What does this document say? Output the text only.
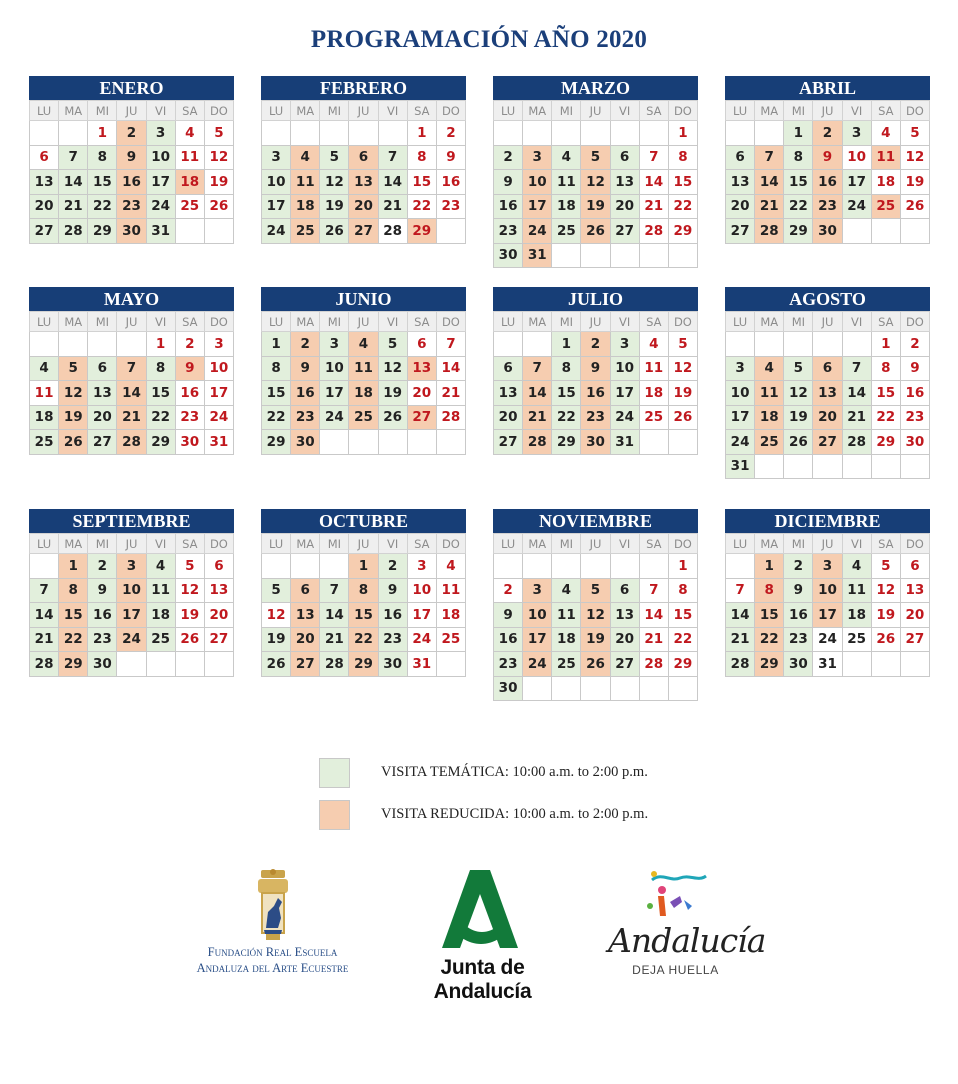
PROGRAMACIÓN AÑO 2020
ENERO
LU	MA	MI	JU	VI	SA	DO
		1	2	3	4	5
6	7	8	9	10	11	12
13	14	15	16	17	18	19
20	21	22	23	24	25	26
27	28	29	30	31		
FEBRERO
LU	MA	MI	JU	VI	SA	DO
					1	2
3	4	5	6	7	8	9
10	11	12	13	14	15	16
17	18	19	20	21	22	23
24	25	26	27	28	29	
MARZO
LU	MA	MI	JU	VI	SA	DO
						1
2	3	4	5	6	7	8
9	10	11	12	13	14	15
16	17	18	19	20	21	22
23	24	25	26	27	28	29
30	31					
ABRIL
LU	MA	MI	JU	VI	SA	DO
		1	2	3	4	5
6	7	8	9	10	11	12
13	14	15	16	17	18	19
20	21	22	23	24	25	26
27	28	29	30			
MAYO
LU	MA	MI	JU	VI	SA	DO
				1	2	3
4	5	6	7	8	9	10
11	12	13	14	15	16	17
18	19	20	21	22	23	24
25	26	27	28	29	30	31
JUNIO
LU	MA	MI	JU	VI	SA	DO
1	2	3	4	5	6	7
8	9	10	11	12	13	14
15	16	17	18	19	20	21
22	23	24	25	26	27	28
29	30					
JULIO
LU	MA	MI	JU	VI	SA	DO
		1	2	3	4	5
6	7	8	9	10	11	12
13	14	15	16	17	18	19
20	21	22	23	24	25	26
27	28	29	30	31		
AGOSTO
LU	MA	MI	JU	VI	SA	DO
					1	2
3	4	5	6	7	8	9
10	11	12	13	14	15	16
17	18	19	20	21	22	23
24	25	26	27	28	29	30
31						
SEPTIEMBRE
LU	MA	MI	JU	VI	SA	DO
	1	2	3	4	5	6
7	8	9	10	11	12	13
14	15	16	17	18	19	20
21	22	23	24	25	26	27
28	29	30				
OCTUBRE
LU	MA	MI	JU	VI	SA	DO
			1	2	3	4
5	6	7	8	9	10	11
12	13	14	15	16	17	18
19	20	21	22	23	24	25
26	27	28	29	30	31	
NOVIEMBRE
LU	MA	MI	JU	VI	SA	DO
						1
2	3	4	5	6	7	8
9	10	11	12	13	14	15
16	17	18	19	20	21	22
23	24	25	26	27	28	29
30						
DICIEMBRE
LU	MA	MI	JU	VI	SA	DO
	1	2	3	4	5	6
7	8	9	10	11	12	13
14	15	16	17	18	19	20
21	22	23	24	25	26	27
28	29	30	31			
VISITA TEMÁTICA: 10:00 a.m. to 2:00 p.m.
VISITA REDUCIDA: 10:00 a.m. to 2:00 p.m.
Fundación Real Escuela
Andaluza del Arte Ecuestre	Junta de Andalucía
Andalucía
DEJA HUELLA
